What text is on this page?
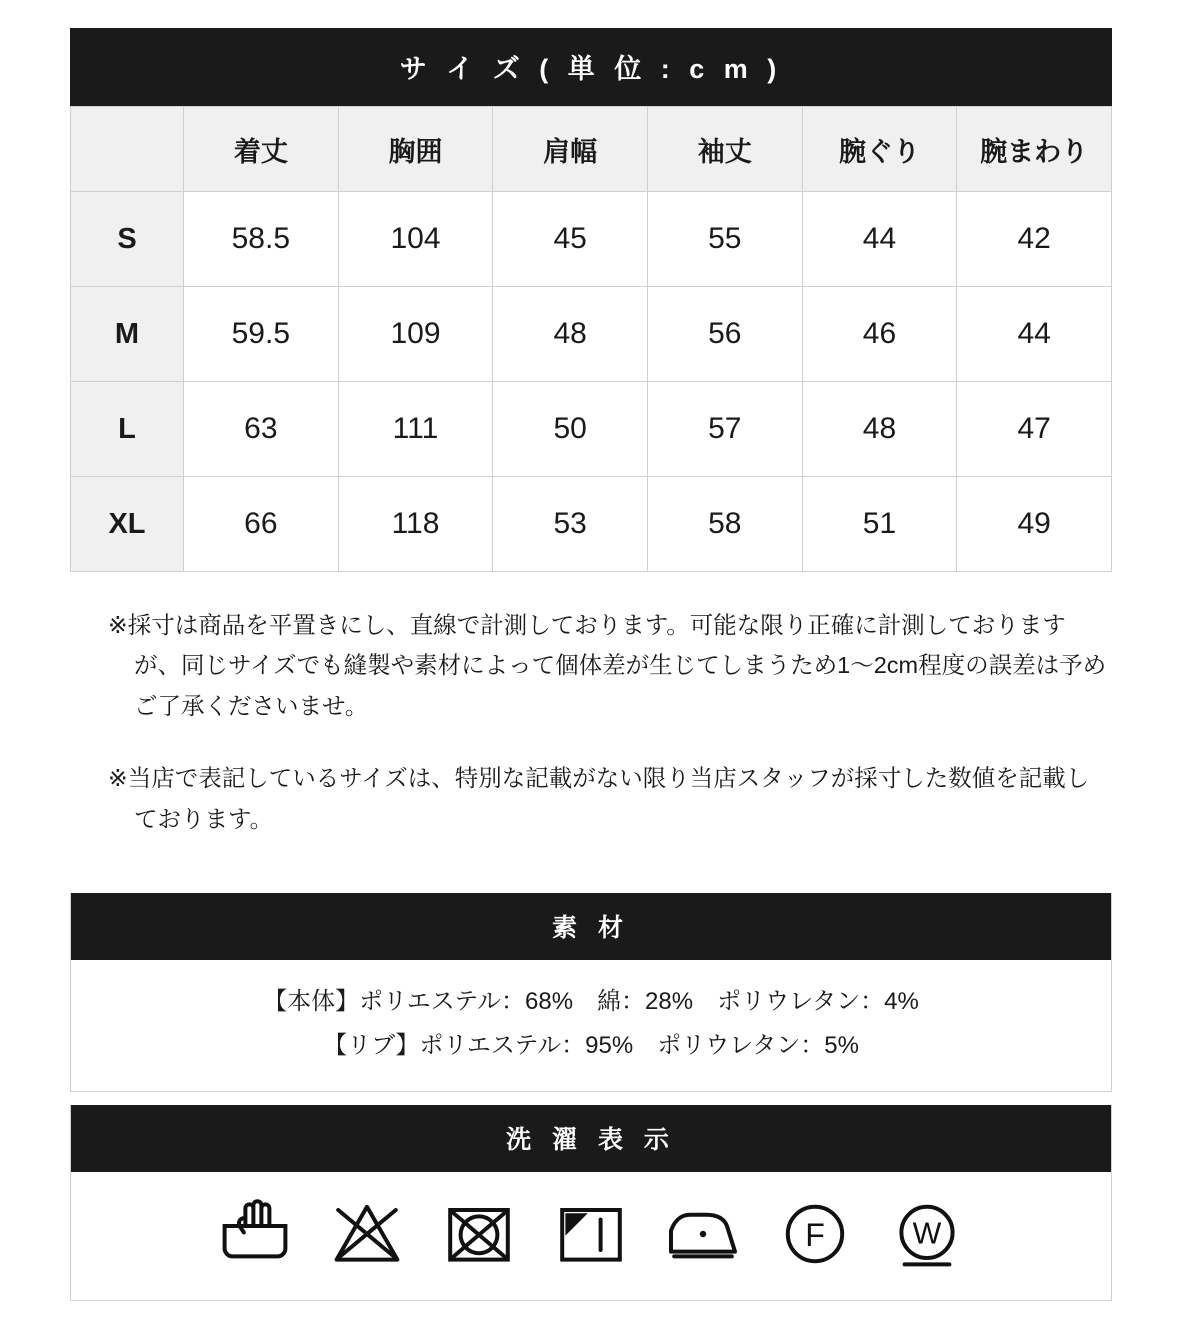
サ イ ズ ( 単 位 : c m )
	着丈	胸囲	肩幅	袖丈	腕ぐり	腕まわり
S	58.5	104	45	55	44	42
M	59.5	109	48	56	46	44
L	63	111	50	57	48	47
XL	66	118	53	58	51	49

※採寸は商品を平置きにし、直線で計測しております。可能な限り正確に計測しておりますが、同じサイズでも縫製や素材によって個体差が生じてしまうため1〜2cm程度の誤差は予めご了承くださいませ。

※当店で表記しているサイズは、特別な記載がない限り当店スタッフが採寸した数値を記載しております。

素 材
【本体】ポリエステル：68%　綿：28%　ポリウレタン：4%
【リブ】ポリエステル：95%　ポリウレタン：5%
洗 濯 表 示
F W
